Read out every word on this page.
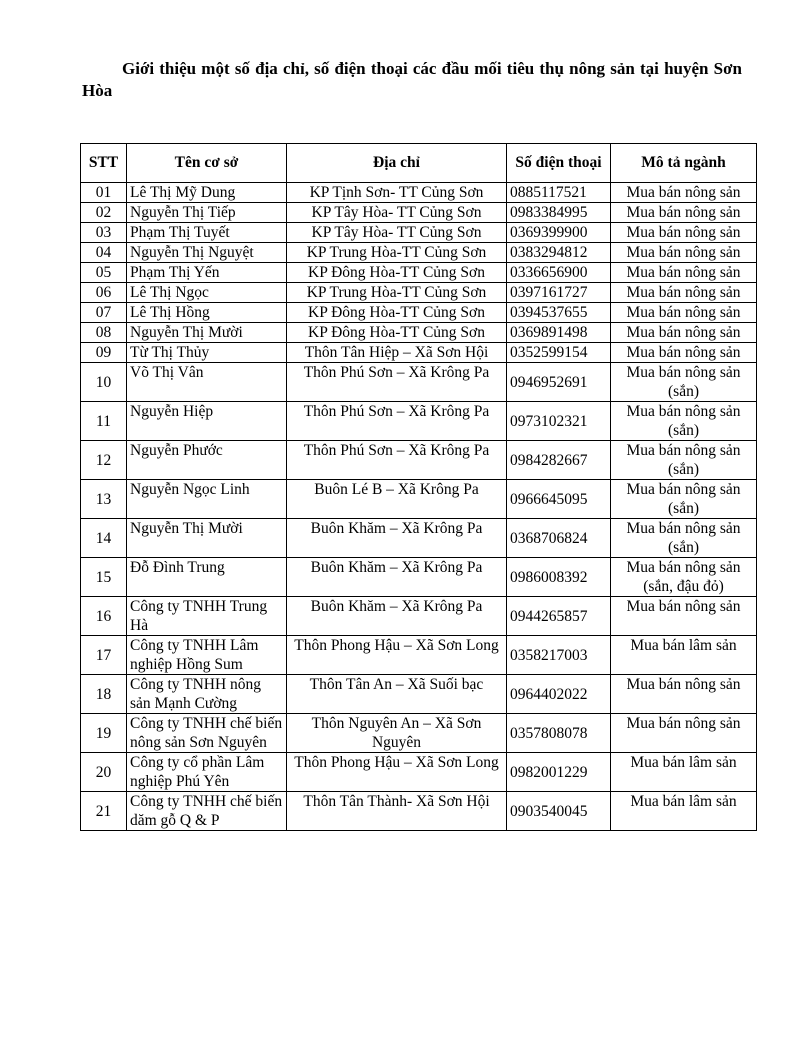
Giới thiệu một số địa chỉ, số điện thoại các đầu mối tiêu thụ nông sản tại huyện Sơn Hòa

STT	Tên cơ sở	Địa chỉ	Số điện thoại	Mô tả ngành
01	Lê Thị Mỹ Dung	KP Tịnh Sơn- TT Củng Sơn	0885117521	Mua bán nông sản
02	Nguyễn Thị Tiếp	KP Tây Hòa- TT Củng Sơn	0983384995	Mua bán nông sản
03	Phạm Thị Tuyết	KP Tây Hòa- TT Củng Sơn	0369399900	Mua bán nông sản
04	Nguyễn Thị Nguyệt	KP Trung Hòa-TT Củng Sơn	0383294812	Mua bán nông sản
05	Phạm Thị Yến	KP Đông Hòa-TT Củng Sơn	0336656900	Mua bán nông sản
06	Lê Thị Ngọc	KP Trung Hòa-TT Củng Sơn	0397161727	Mua bán nông sản
07	Lê Thị Hồng	KP Đông Hòa-TT Củng Sơn	0394537655	Mua bán nông sản
08	Nguyễn Thị Mười	KP Đông Hòa-TT Củng Sơn	0369891498	Mua bán nông sản
09	Từ Thị Thủy	Thôn Tân Hiệp – Xã Sơn Hội	0352599154	Mua bán nông sản
10	Võ Thị Vân	Thôn Phú Sơn – Xã Krông Pa	0946952691	Mua bán nông sản (sắn)
11	Nguyễn Hiệp	Thôn Phú Sơn – Xã Krông Pa	0973102321	Mua bán nông sản (sắn)
12	Nguyễn Phước	Thôn Phú Sơn – Xã Krông Pa	0984282667	Mua bán nông sản (sắn)
13	Nguyễn Ngọc Linh	Buôn Lé B – Xã Krông Pa	0966645095	Mua bán nông sản (sắn)
14	Nguyễn Thị Mười	Buôn Khăm – Xã Krông Pa	0368706824	Mua bán nông sản (sắn)
15	Đỗ Đình Trung	Buôn Khăm – Xã Krông Pa	0986008392	Mua bán nông sản (sắn, đậu đỏ)
16	Công ty TNHH Trung Hà	Buôn Khăm – Xã Krông Pa	0944265857	Mua bán nông sản
17	Công ty TNHH Lâm nghiệp Hồng Sum	Thôn Phong Hậu – Xã Sơn Long	0358217003	Mua bán lâm sản
18	Công ty TNHH nông sản Mạnh Cường	Thôn Tân An – Xã Suối bạc	0964402022	Mua bán nông sản
19	Công ty TNHH chế biến nông sản Sơn Nguyên	Thôn Nguyên An – Xã Sơn Nguyên	0357808078	Mua bán nông sản
20	Công ty cổ phần Lâm nghiệp Phú Yên	Thôn Phong Hậu – Xã Sơn Long	0982001229	Mua bán lâm sản
21	Công ty TNHH chế biến dăm gỗ Q & P	Thôn Tân Thành- Xã Sơn Hội	0903540045	Mua bán lâm sản
